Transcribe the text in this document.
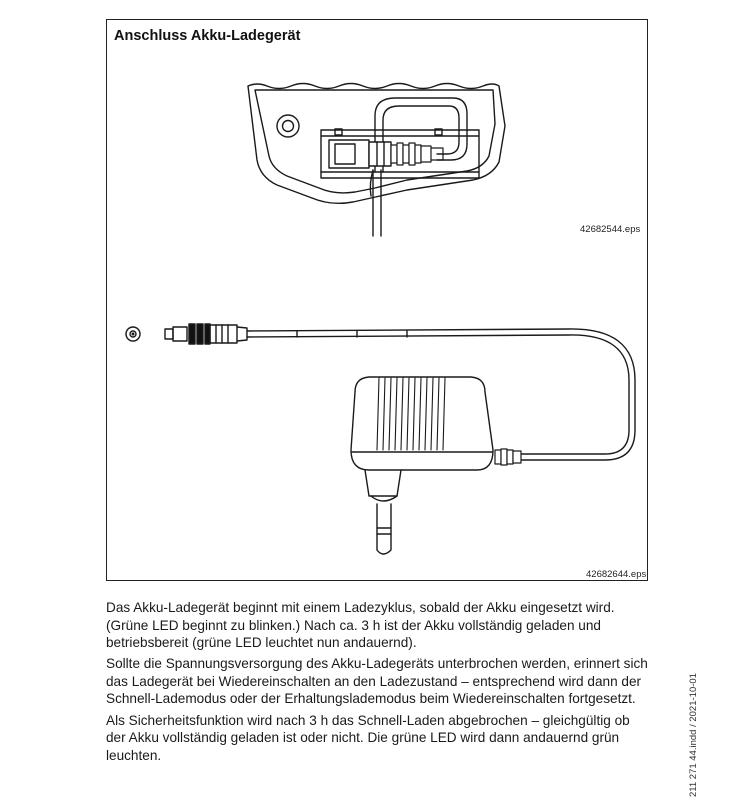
Anschluss Akku-Ladegerät
42682544.eps
42682644.eps

Das Akku-Ladegerät beginnt mit einem Ladezyklus, sobald der Akku eingesetzt wird. (Grüne LED beginnt zu blinken.) Nach ca. 3 h ist der Akku vollständig geladen und betriebsbereit (grüne LED leuchtet nun andauernd).

Sollte die Spannungsversorgung des Akku-Ladegeräts unterbrochen werden, erinnert sich das Ladegerät bei Wiedereinschalten an den Ladezustand – entsprechend wird dann der Schnell-Lademodus oder der Erhaltungslademodus beim Wiedereinschalten fortgesetzt.

Als Sicherheitsfunktion wird nach 3 h das Schnell-Laden abgebrochen – gleichgültig ob der Akku vollständig geladen ist oder nicht. Die grüne LED wird dann andauernd grün leuchten.	211 271 44.indd / 2021-10-01
